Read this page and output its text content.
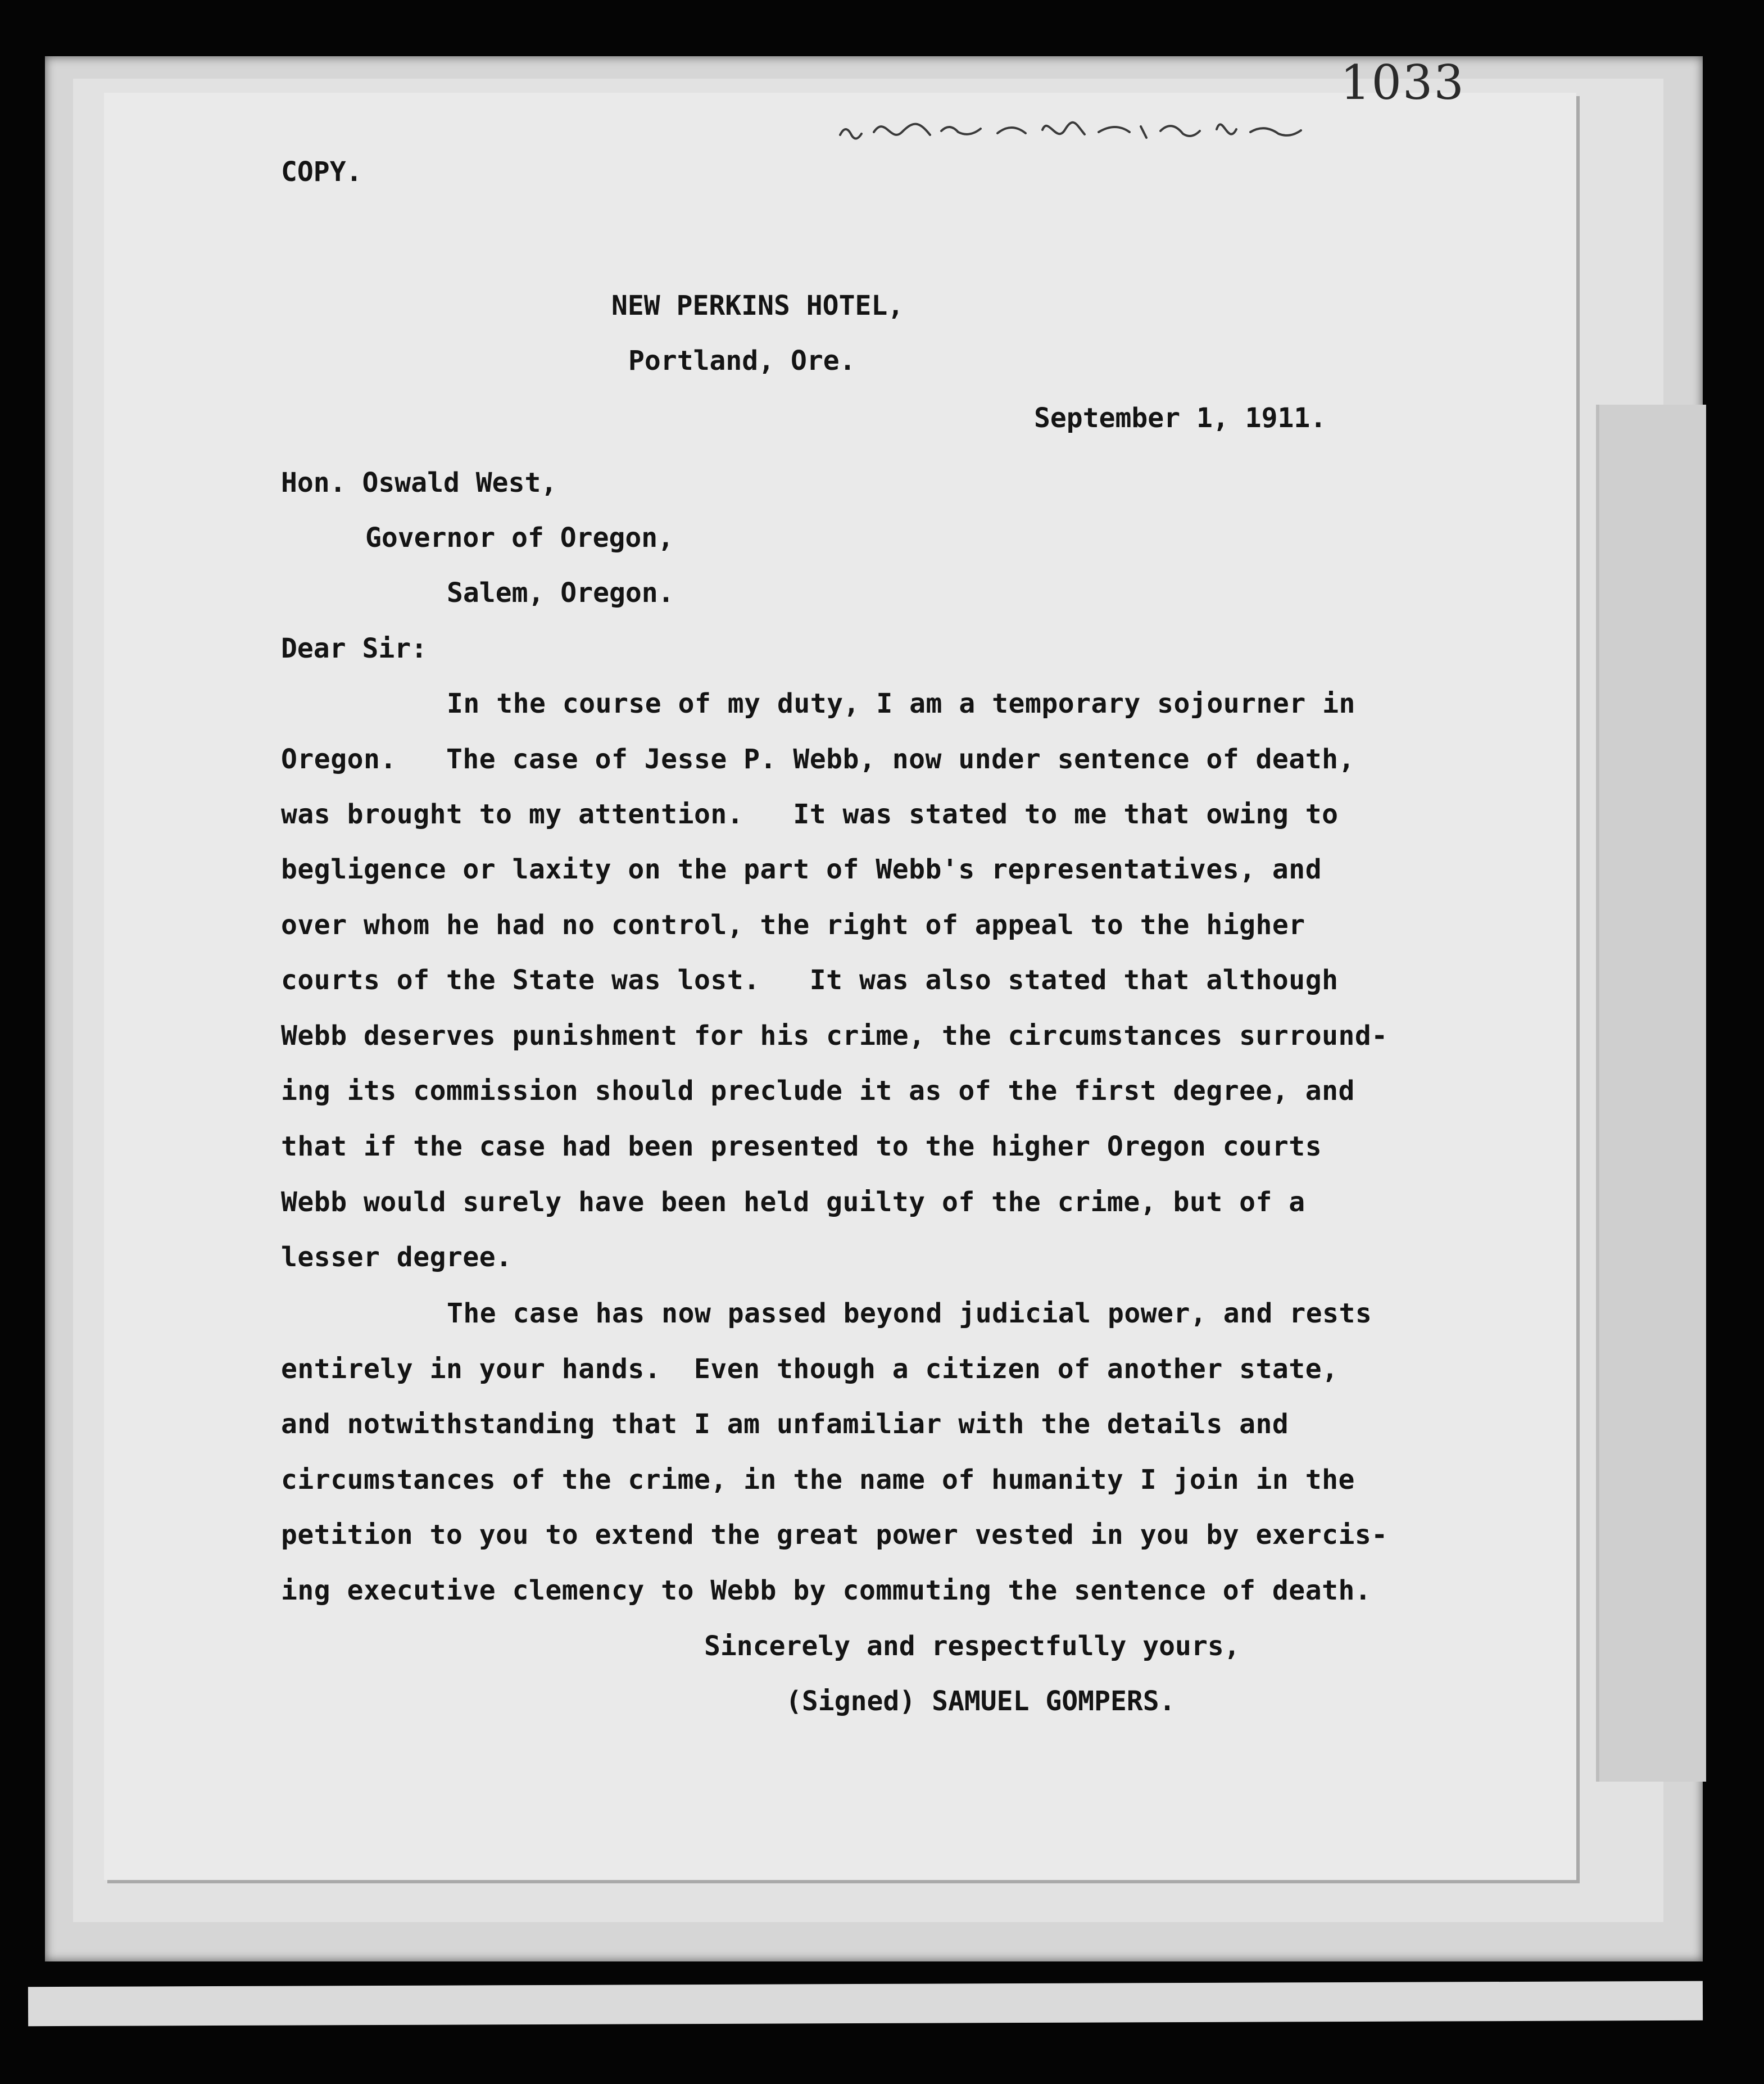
1033
COPY.
NEW PERKINS HOTEL,
Portland, Ore.
September 1, 1911.
Hon. Oswald West,
Governor of Oregon,
Salem, Oregon.
Dear Sir:
In the course of my duty, I am a temporary sojourner in
Oregon.   The case of Jesse P. Webb, now under sentence of death,
was brought to my attention.   It was stated to me that owing to
begligence or laxity on the part of Webb's representatives, and
over whom he had no control, the right of appeal to the higher
courts of the State was lost.   It was also stated that although
Webb deserves punishment for his crime, the circumstances surround-
ing its commission should preclude it as of the first degree, and
that if the case had been presented to the higher Oregon courts
Webb would surely have been held guilty of the crime, but of a
lesser degree.
The case has now passed beyond judicial power, and rests
entirely in your hands.  Even though a citizen of another state,
and notwithstanding that I am unfamiliar with the details and
circumstances of the crime, in the name of humanity I join in the
petition to you to extend the great power vested in you by exercis-
ing executive clemency to Webb by commuting the sentence of death.
Sincerely and respectfully yours,
(Signed) SAMUEL GOMPERS.
